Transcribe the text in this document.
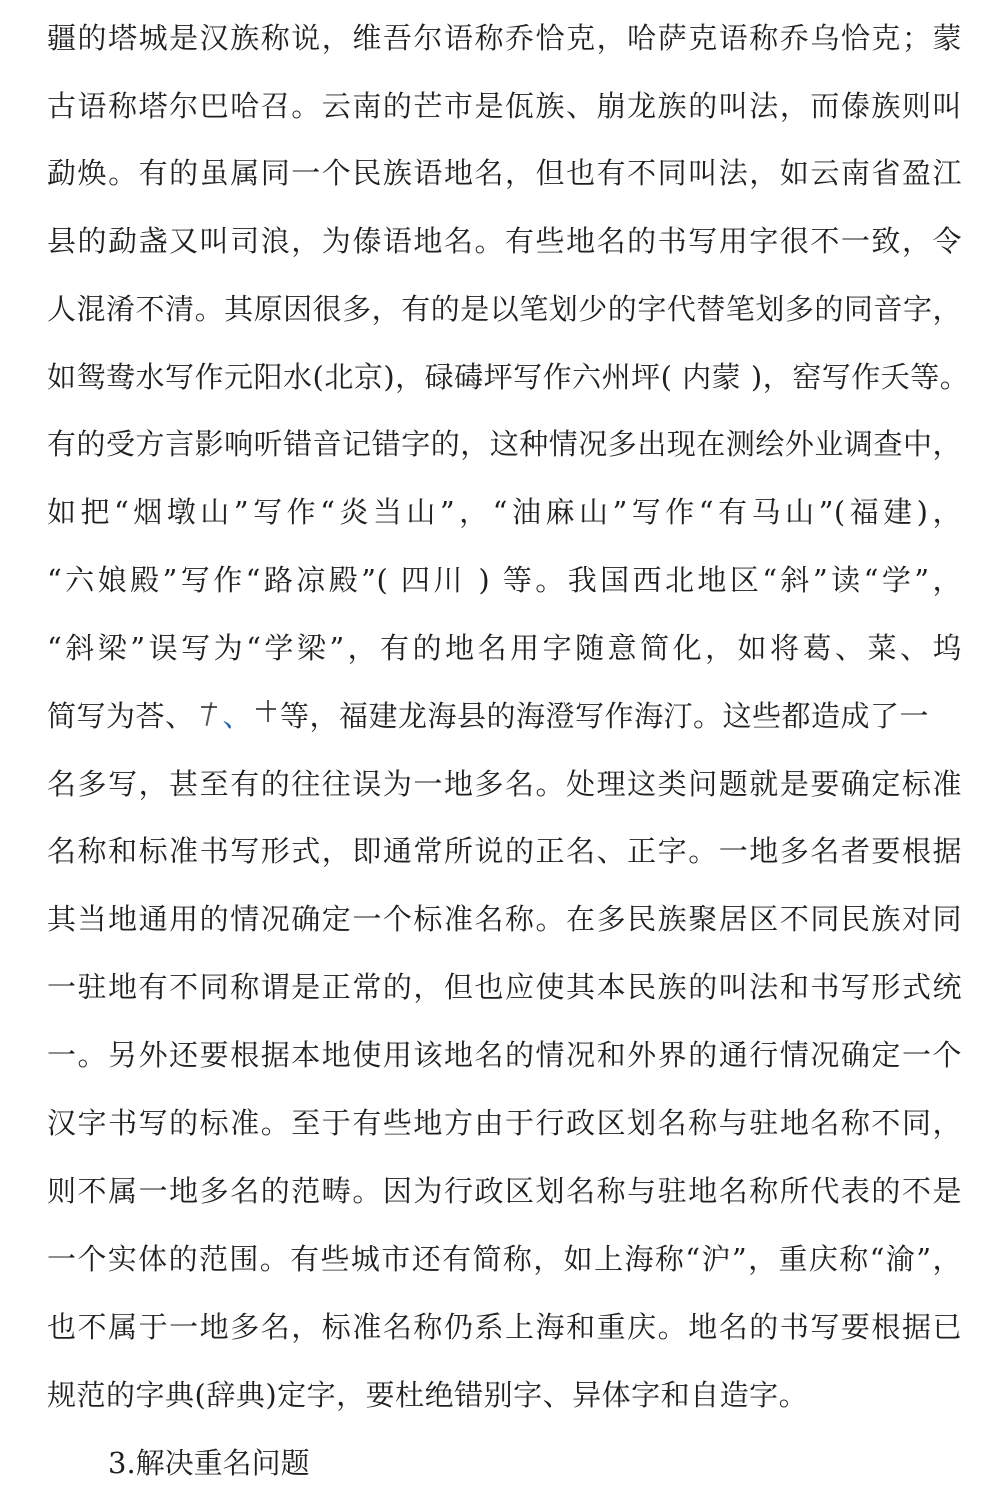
疆的塔城是汉族称说，维吾尔语称乔恰克，哈萨克语称乔乌恰克；蒙
古语称塔尔巴哈召。云南的芒市是佤族、崩龙族的叫法，而傣族则叫
勐焕。有的虽属同一个民族语地名，但也有不同叫法，如云南省盈江
县的勐盏又叫司浪，为傣语地名。有些地名的书写用字很不一致，令
人混淆不清。其原因很多，有的是以笔划少的字代替笔划多的同音字，
如鸳鸯水写作元阳水(北京)，碌碡坪写作六州坪( 内蒙 )，窑写作夭等。
有的受方言影响听错音记错字的，这种情况多出现在测绘外业调查中，
如把“烟墩山”写作“炎当山”，“油麻山”写作“有马山”(福建)，
“六娘殿”写作“路凉殿”( 四川 ) 等。我国西北地区“斜”读“学”，
“斜梁”误写为“学梁”，有的地名用字随意简化，如将葛、菜、坞
简写为荅、 、 等，福建龙海县的海澄写作海汀。这些都造成了一
名多写，甚至有的往往误为一地多名。处理这类问题就是要确定标准
名称和标准书写形式，即通常所说的正名、正字。一地多名者要根据
其当地通用的情况确定一个标准名称。在多民族聚居区不同民族对同
一驻地有不同称谓是正常的，但也应使其本民族的叫法和书写形式统
一。另外还要根据本地使用该地名的情况和外界的通行情况确定一个
汉字书写的标准。至于有些地方由于行政区划名称与驻地名称不同，
则不属一地多名的范畴。因为行政区划名称与驻地名称所代表的不是
一个实体的范围。有些城市还有简称，如上海称“沪”，重庆称“渝”，
也不属于一地多名，标准名称仍系上海和重庆。地名的书写要根据已
规范的字典(辞典)定字，要杜绝错别字、异体字和自造字。
3.解决重名问题
